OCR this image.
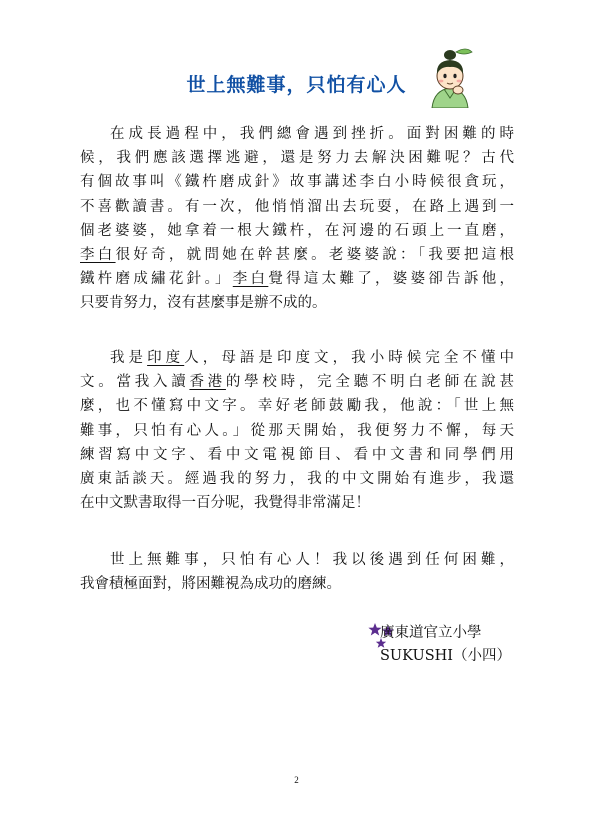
世上無難事，只怕有心人
在成長過程中，我們總會遇到挫折。面對困難的時
候，我們應該選擇逃避，還是努力去解決困難呢？古代
有個故事叫《鐵杵磨成針》故事講述李白小時候很貪玩，
不喜歡讀書。有一次，他悄悄溜出去玩耍，在路上遇到一
個老婆婆，她拿着一根大鐵杵，在河邊的石頭上一直磨，
李白很好奇，就問她在幹甚麼。老婆婆說：「我要把這根
鐵杵磨成繡花針。」李白覺得這太難了，婆婆卻告訴他，
只要肯努力，沒有甚麼事是辦不成的。
我是印度人，母語是印度文，我小時候完全不懂中
文。當我入讀香港的學校時，完全聽不明白老師在說甚
麼，也不懂寫中文字。幸好老師鼓勵我，他說：「世上無
難事，只怕有心人。」從那天開始，我便努力不懈，每天
練習寫中文字、看中文電視節目、看中文書和同學們用
廣東話談天。經過我的努力，我的中文開始有進步，我還
在中文默書取得一百分呢，我覺得非常滿足！
世上無難事，只怕有心人！我以後遇到任何困難，
我會積極面對，將困難視為成功的磨練。
廣東道官立小學
SUKUSHI（小四）
2
